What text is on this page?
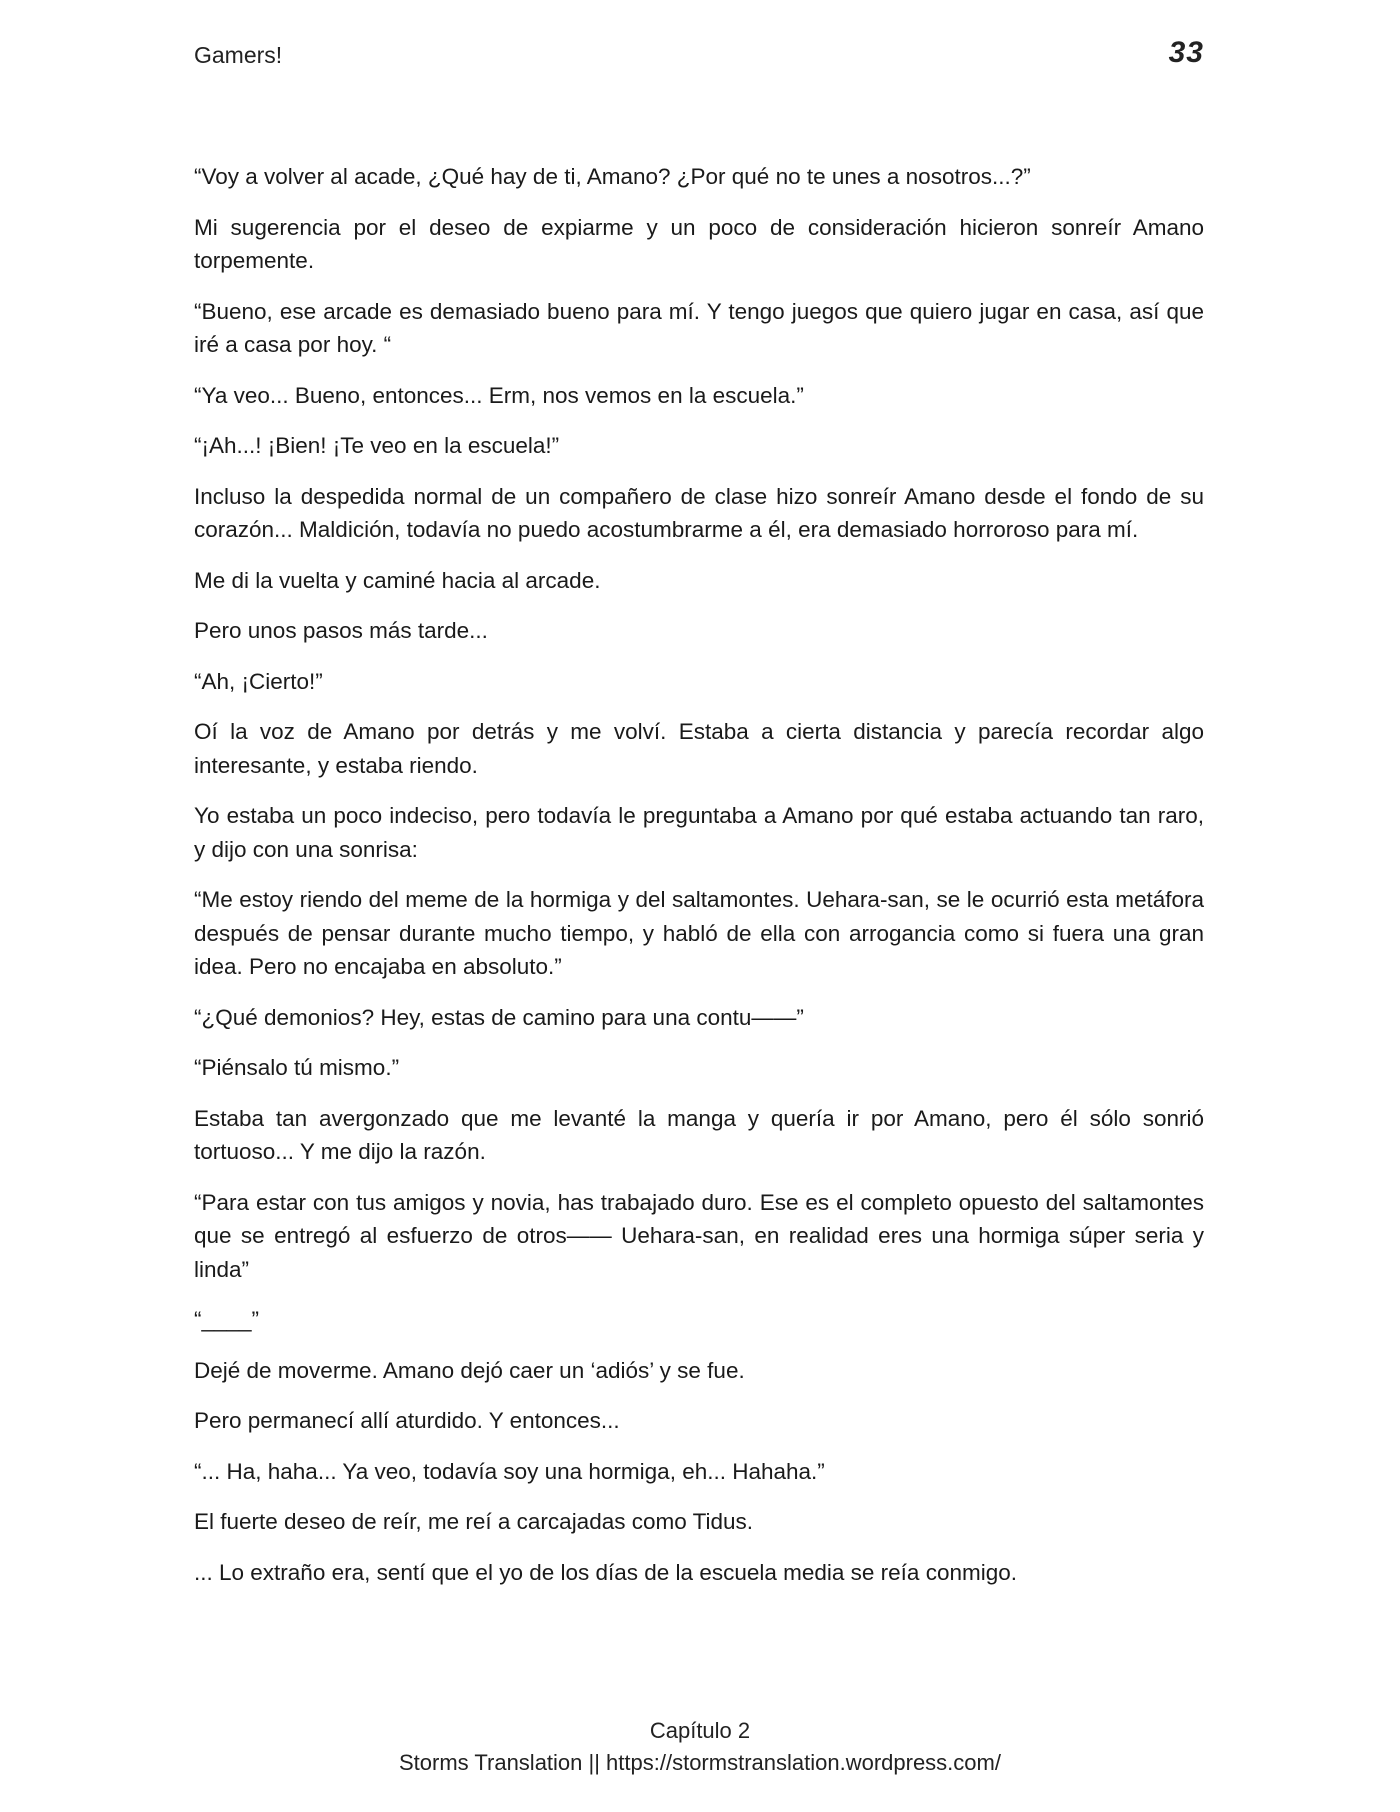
Gamers!	33

“Voy a volver al acade, ¿Qué hay de ti, Amano? ¿Por qué no te unes a nosotros...?”

Mi sugerencia por el deseo de expiarme y un poco de consideración hicieron sonreír Amano torpemente.

“Bueno, ese arcade es demasiado bueno para mí. Y tengo juegos que quiero jugar en casa, así que iré a casa por hoy. “

“Ya veo... Bueno, entonces... Erm, nos vemos en la escuela.”

“¡Ah...! ¡Bien! ¡Te veo en la escuela!”

Incluso la despedida normal de un compañero de clase hizo sonreír Amano desde el fondo de su corazón... Maldición, todavía no puedo acostumbrarme a él, era demasiado horroroso para mí.

Me di la vuelta y caminé hacia al arcade.

Pero unos pasos más tarde...

“Ah, ¡Cierto!”

Oí la voz de Amano por detrás y me volví. Estaba a cierta distancia y parecía recordar algo interesante, y estaba riendo.

Yo estaba un poco indeciso, pero todavía le preguntaba a Amano por qué estaba actuando tan raro, y dijo con una sonrisa:

“Me estoy riendo del meme de la hormiga y del saltamontes. Uehara-san, se le ocurrió esta metáfora después de pensar durante mucho tiempo, y habló de ella con arrogancia como si fuera una gran idea. Pero no encajaba en absoluto.”

“¿Qué demonios? Hey, estas de camino para una contu——”

“Piénsalo tú mismo.”

Estaba tan avergonzado que me levanté la manga y quería ir por Amano, pero él sólo sonrió tortuoso... Y me dijo la razón.

“Para estar con tus amigos y novia, has trabajado duro. Ese es el completo opuesto del saltamontes que se entregó al esfuerzo de otros—— Uehara-san, en realidad eres una hormiga súper seria y linda”

“____”

Dejé de moverme. Amano dejó caer un ‘adiós’ y se fue.

Pero permanecí allí aturdido. Y entonces...

“... Ha, haha... Ya veo, todavía soy una hormiga, eh... Hahaha.”

El fuerte deseo de reír, me reí a carcajadas como Tidus.

... Lo extraño era, sentí que el yo de los días de la escuela media se reía conmigo.

Capítulo 2
Storms Translation || https://stormstranslation.wordpress.com/
